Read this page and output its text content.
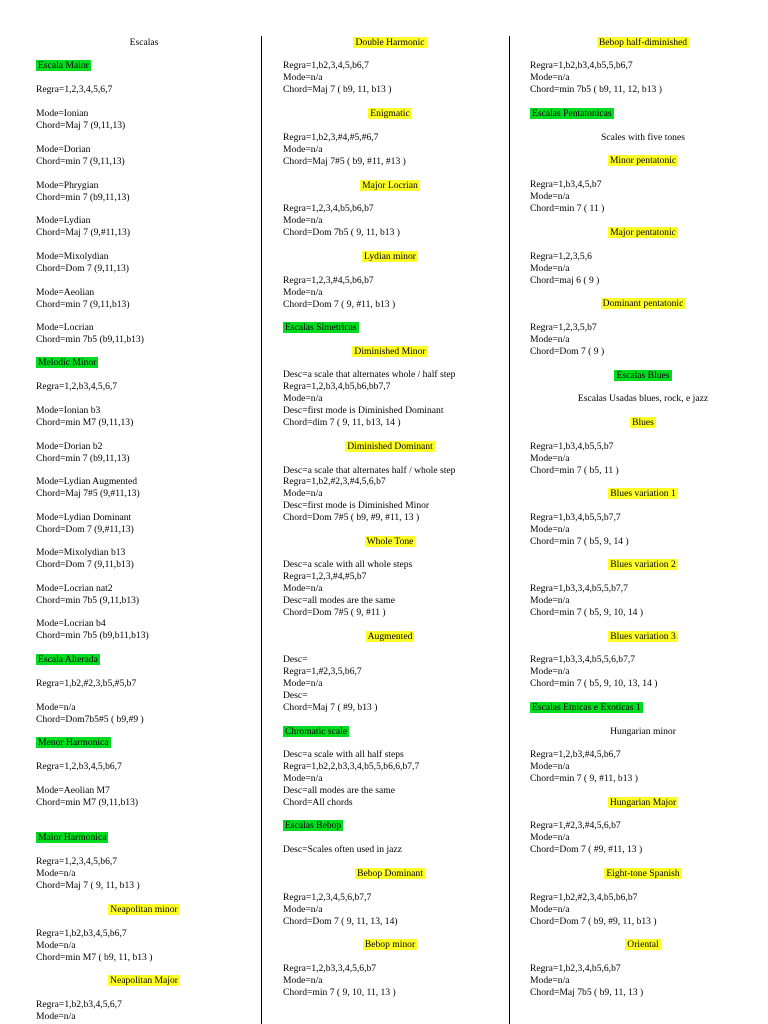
Escalas
Escala Maior
Regra=1,2,3,4,5,6,7
Mode=Ionian
Chord=Maj 7 (9,11,13)
Mode=Dorian
Chord=min 7 (9,11,13)
Mode=Phrygian
Chord=min 7 (b9,11,13)
Mode=Lydian
Chord=Maj 7 (9,#11,13)
Mode=Mixolydian
Chord=Dom 7 (9,11,13)
Mode=Aeolian
Chord=min 7 (9,11,b13)
Mode=Locrian
Chord=min 7b5 (b9,11,b13)
Melodic Minor
Regra=1,2,b3,4,5,6,7
Mode=Ionian b3
Chord=min M7 (9,11,13)
Mode=Dorian b2
Chord=min 7 (b9,11,13)
Mode=Lydian Augmented
Chord=Maj 7#5 (9,#11,13)
Mode=Lydian Dominant
Chord=Dom 7 (9,#11,13)
Mode=Mixolydian b13
Chord=Dom 7 (9,11,b13)
Mode=Locrian nat2
Chord=min 7b5 (9,11,b13)
Mode=Locrian b4
Chord=min 7b5 (b9,b11,b13)
Escala Alterada
Regra=1,b2,#2,3,b5,#5,b7
Mode=n/a
Chord=Dom7b5#5 ( b9,#9 )
Menor Harmonica
Regra=1,2,b3,4,5,b6,7
Mode=Aeolian M7
Chord=min M7 (9,11,b13)
Maior Harmonica
Regra=1,2,3,4,5,b6,7
Mode=n/a
Chord=Maj 7 ( 9, 11, b13 )
Neapolitan minor
Regra=1,b2,b3,4,5,b6,7
Mode=n/a
Chord=min M7 ( b9, 11, b13 )
Neapolitan Major
Regra=1,b2,b3,4,5,6,7
Mode=n/a
Double Harmonic
Regra=1,b2,3,4,5,b6,7
Mode=n/a
Chord=Maj 7 ( b9, 11, b13 )
Enigmatic
Regra=1,b2,3,#4,#5,#6,7
Mode=n/a
Chord=Maj 7#5 ( b9, #11, #13 )
Major Locrian
Regra=1,2,3,4,b5,b6,b7
Mode=n/a
Chord=Dom 7b5 ( 9, 11, b13 )
Lydian minor
Regra=1,2,3,#4,5,b6,b7
Mode=n/a
Chord=Dom 7 ( 9, #11, b13 )
Escalas Simetricas
Diminished Minor
Desc=a scale that alternates whole / half step
Regra=1,2,b3,4,b5,b6,bb7,7
Mode=n/a
Desc=first mode is Diminished Dominant
Chord=dim 7 ( 9, 11, b13, 14 )
Diminished Dominant
Desc=a scale that alternates half / whole step
Regra=1,b2,#2,3,#4,5,6,b7
Mode=n/a
Desc=first mode is Diminished Minor
Chord=Dom 7#5 ( b9, #9, #11, 13 )
Whole Tone
Desc=a scale with all whole steps
Regra=1,2,3,#4,#5,b7
Mode=n/a
Desc=all modes are the same
Chord=Dom 7#5 ( 9, #11 )
Augmented
Desc=
Regra=1,#2,3,5,b6,7
Mode=n/a
Desc=
Chord=Maj 7 ( #9, b13 )
Chromatic scale
Desc=a scale with all half steps
Regra=1,b2,2,b3,3,4,b5,5,b6,6,b7,7
Mode=n/a
Desc=all modes are the same
Chord=All chords
Escalas Bebop
Desc=Scales often used in jazz
Bebop Dominant
Regra=1,2,3,4,5,6,b7,7
Mode=n/a
Chord=Dom 7 ( 9, 11, 13, 14)
Bebop minor
Regra=1,2,b3,3,4,5,6,b7
Mode=n/a
Chord=min 7 ( 9, 10, 11, 13 )
Bebop half-diminished
Regra=1,b2,b3,4,b5,5,b6,7
Mode=n/a
Chord=min 7b5 ( b9, 11, 12, b13 )
Escalas Pentatonicas
Scales with five tones
Minor pentatonic
Regra=1,b3,4,5,b7
Mode=n/a
Chord=min 7 ( 11 )
Major pentatonic
Regra=1,2,3,5,6
Mode=n/a
Chord=maj 6 ( 9 )
Dominant pentatonic
Regra=1,2,3,5,b7
Mode=n/a
Chord=Dom 7 ( 9 )
Escalas Blues
Escalas Usadas blues, rock, e jazz
Blues
Regra=1,b3,4,b5,5,b7
Mode=n/a
Chord=min 7 ( b5, 11 )
Blues variation 1
Regra=1,b3,4,b5,5,b7,7
Mode=n/a
Chord=min 7 ( b5, 9, 14 )
Blues variation 2
Regra=1,b3,3,4,b5,5,b7,7
Mode=n/a
Chord=min 7 ( b5, 9, 10, 14 )
Blues variation 3
Regra=1,b3,3,4,b5,5,6,b7,7
Mode=n/a
Chord=min 7 ( b5, 9, 10, 13, 14 )
Escalas Etnicas e Exoticas 1
Hungarian minor
Regra=1,2,b3,#4,5,b6,7
Mode=n/a
Chord=min 7 ( 9, #11, b13 )
Hungarian Major
Regra=1,#2,3,#4,5,6,b7
Mode=n/a
Chord=Dom 7 ( #9, #11, 13 )
Eight-tone Spanish
Regra=1,b2,#2,3,4,b5,b6,b7
Mode=n/a
Chord=Dom 7 ( b9, #9, 11, b13 )
Oriental
Regra=1,b2,3,4,b5,6,b7
Mode=n/a
Chord=Maj 7b5 ( b9, 11, 13 )
